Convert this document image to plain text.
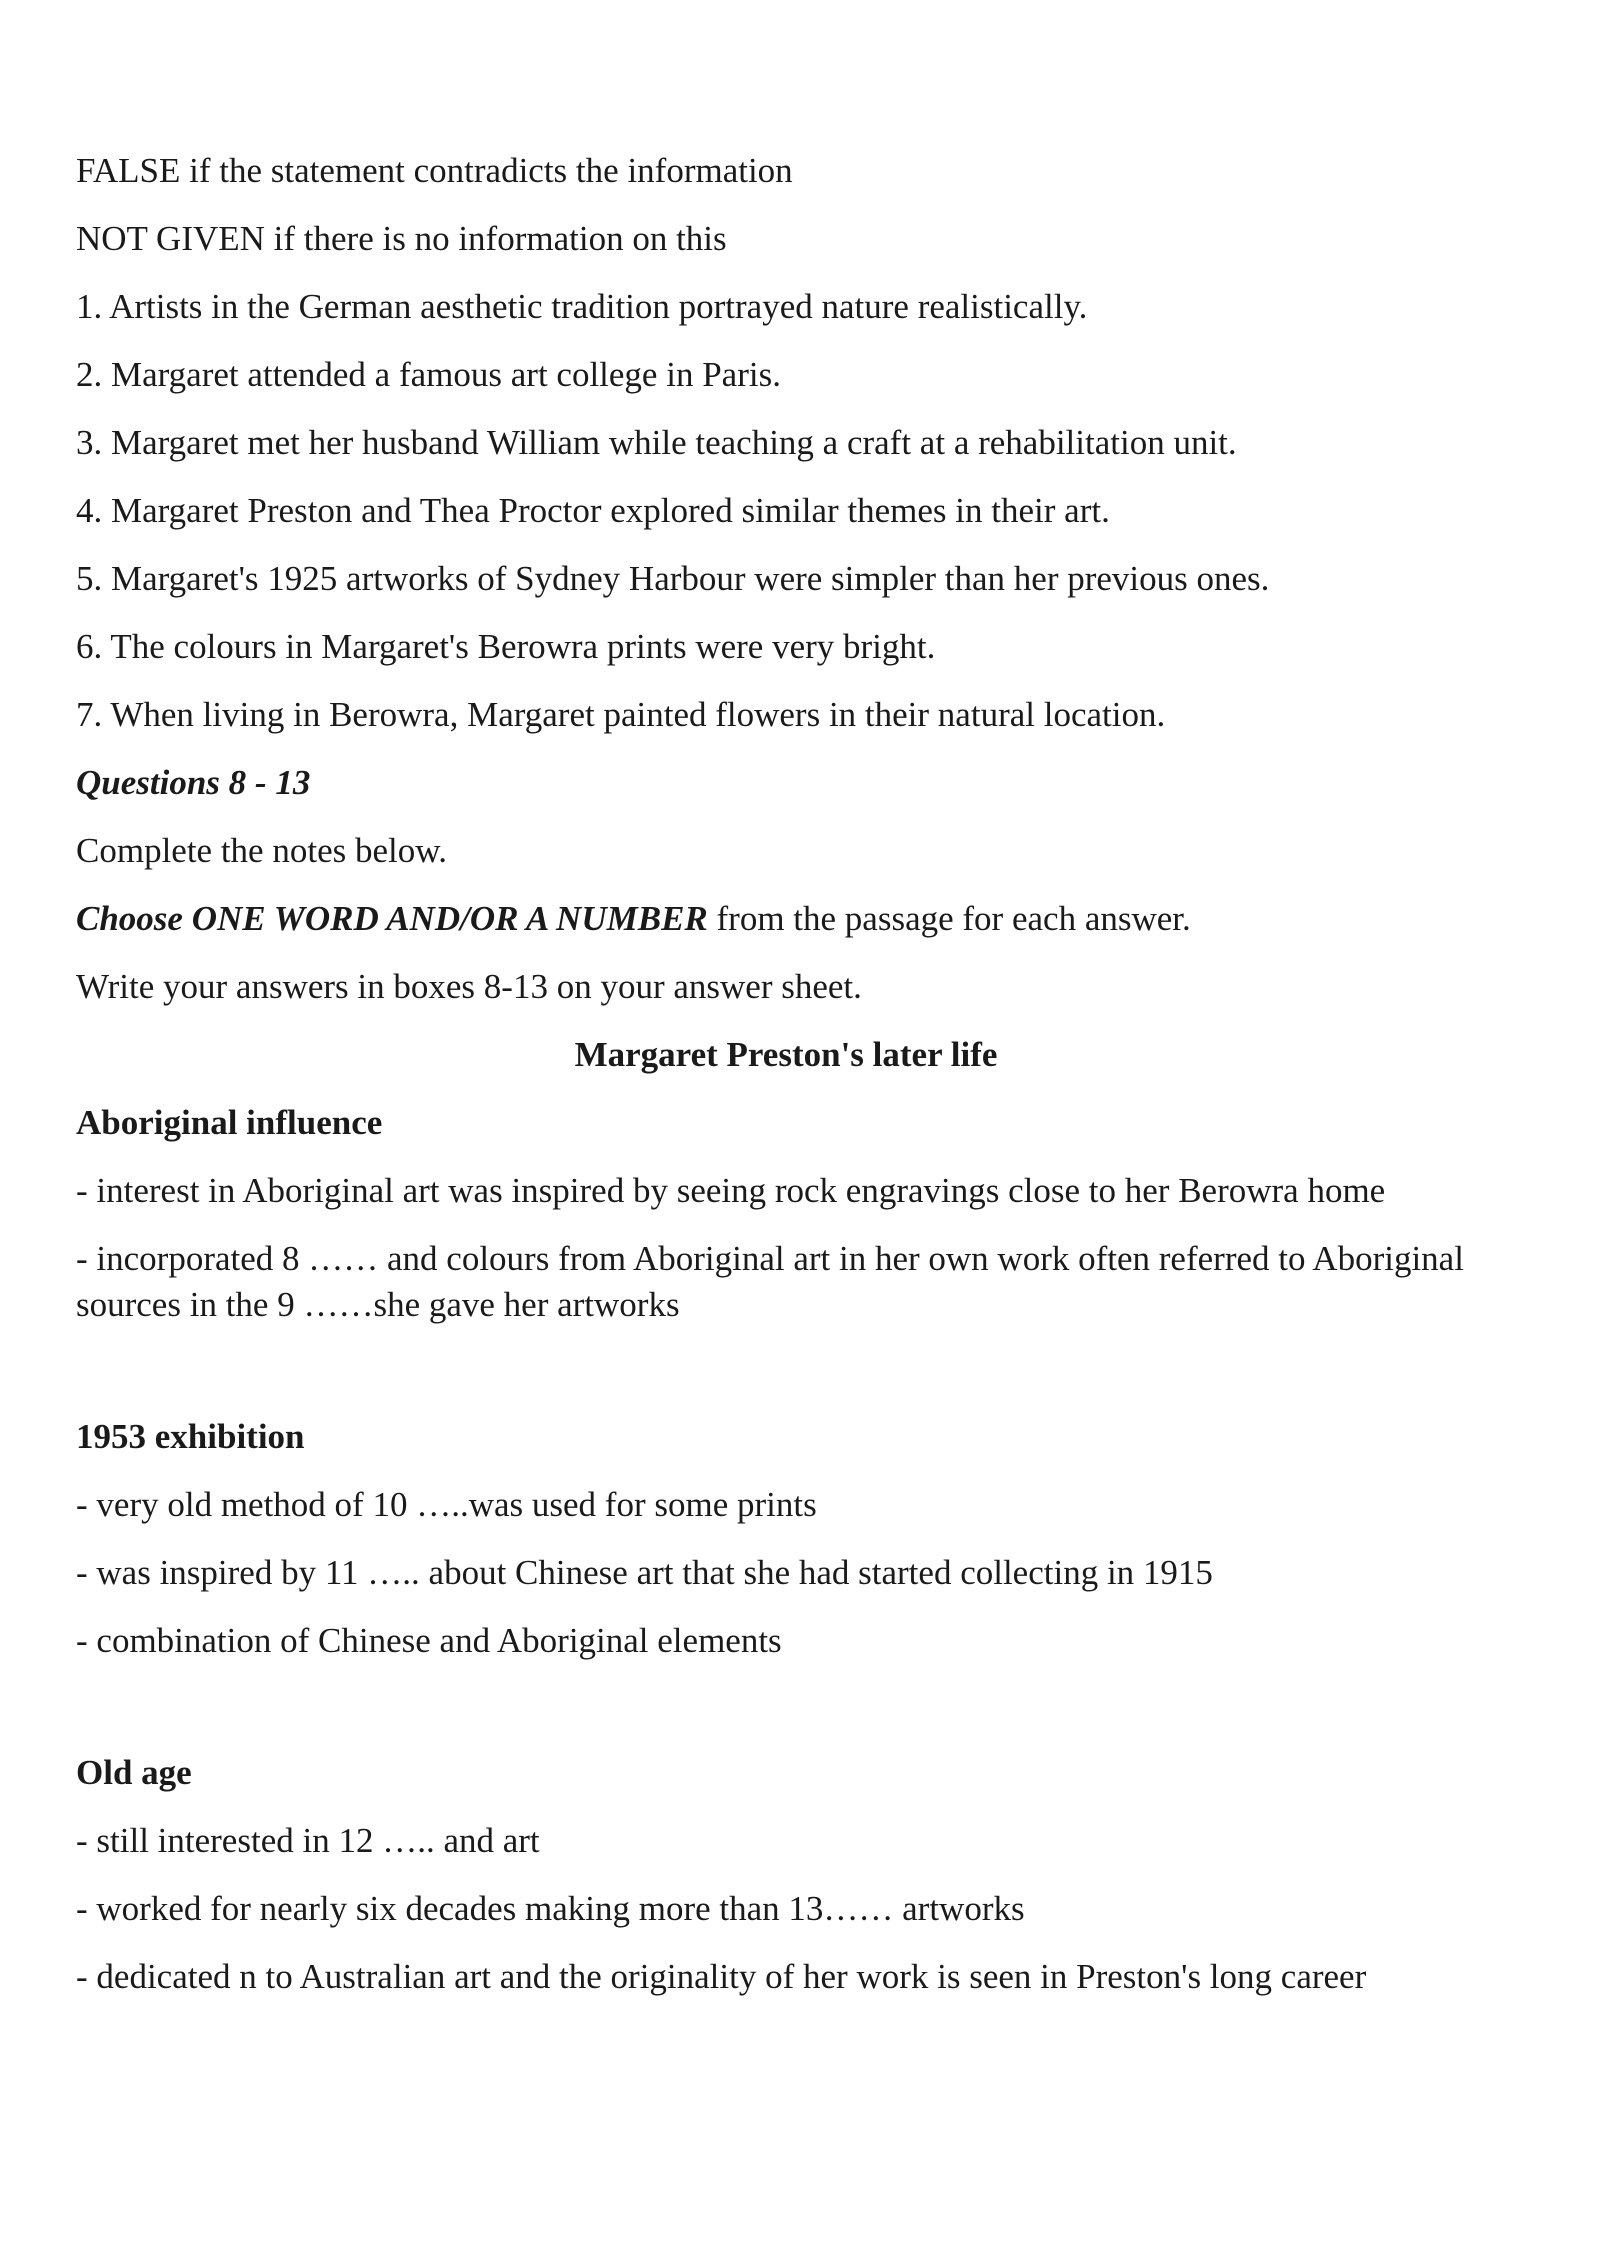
FALSE if the statement contradicts the information
NOT GIVEN if there is no information on this
1. Artists in the German aesthetic tradition portrayed nature realistically.
2. Margaret attended a famous art college in Paris.
3. Margaret met her husband William while teaching a craft at a rehabilitation unit.
4. Margaret Preston and Thea Proctor explored similar themes in their art.
5. Margaret's 1925 artworks of Sydney Harbour were simpler than her previous ones.
6. The colours in Margaret's Berowra prints were very bright.
7. When living in Berowra, Margaret painted flowers in their natural location.
Questions 8 - 13
Complete the notes below.
Choose ONE WORD AND/OR A NUMBER from the passage for each answer.
Write your answers in boxes 8-13 on your answer sheet.
Margaret Preston's later life
Aboriginal influence
- interest in Aboriginal art was inspired by seeing rock engravings close to her Berowra home
- incorporated 8 …… and colours from Aboriginal art in her own work often referred to Aboriginal sources in the 9 ……she gave her artworks
1953 exhibition
- very old method of 10 …..was used for some prints
- was inspired by 11 ….. about Chinese art that she had started collecting in 1915
- combination of Chinese and Aboriginal elements
Old age
- still interested in 12 ….. and art
- worked for nearly six decades making more than 13…… artworks
- dedicated n to Australian art and the originality of her work is seen in Preston's long career
